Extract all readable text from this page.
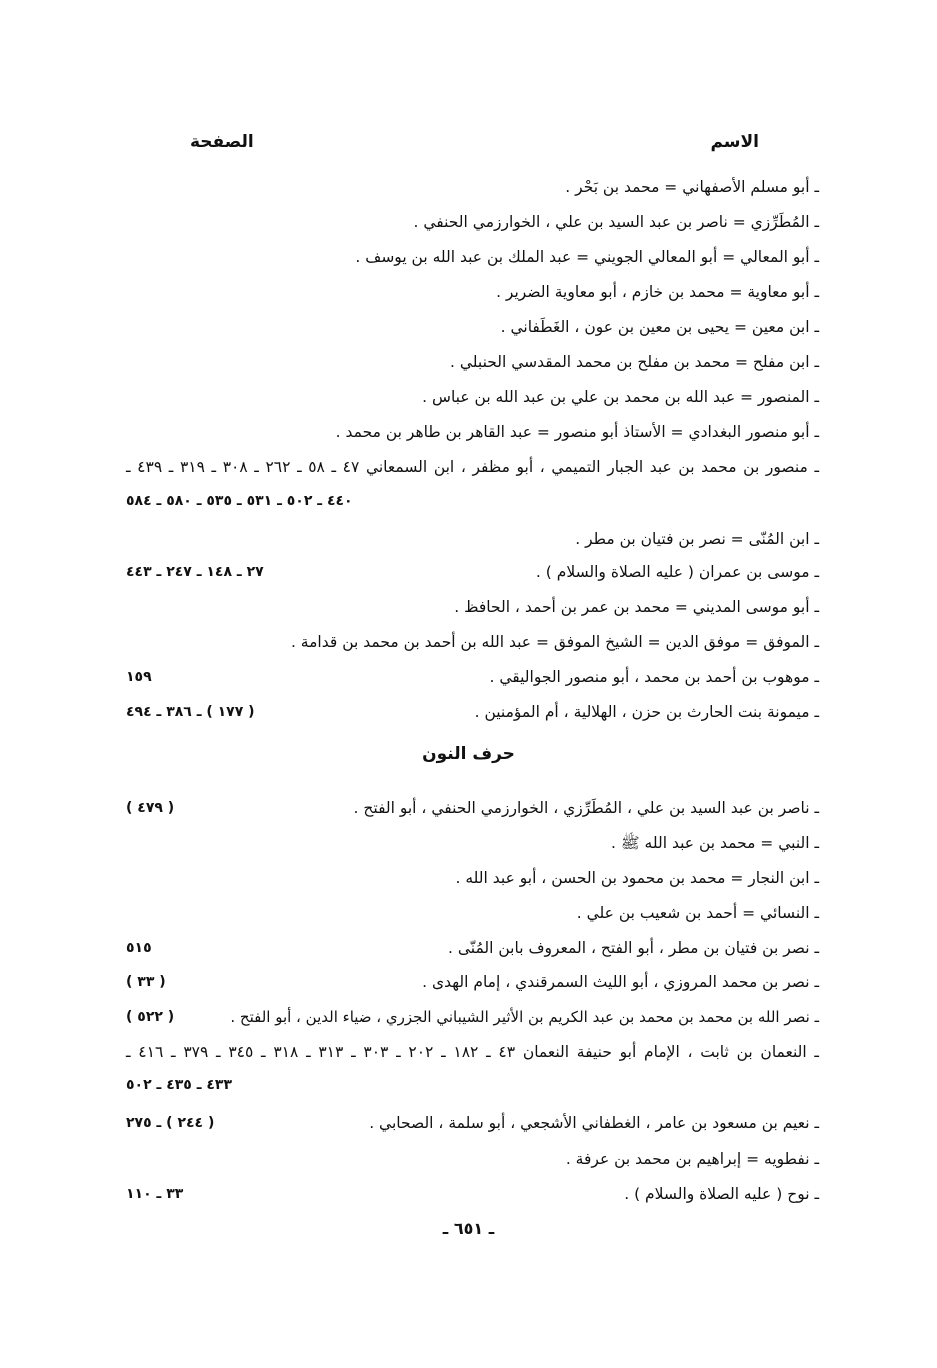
الاسم
الصفحة
ـ أبو مسلم الأصفهاني = محمد بن بَحْر .
ـ المُطَرِّزي = ناصر بن عبد السيد بن علي ، الخوارزمي الحنفي .
ـ أبو المعالي = أبو المعالي الجويني = عبد الملك بن عبد الله بن يوسف .
ـ أبو معاوية = محمد بن خازم ، أبو معاوية الضرير .
ـ ابن معين = يحيى بن معين بن عون ، الغَطَفاني .
ـ ابن مفلح = محمد بن مفلح بن محمد المقدسي الحنبلي .
ـ المنصور = عبد الله بن محمد بن علي بن عبد الله بن عباس .
ـ أبو منصور البغدادي = الأستاذ أبو منصور = عبد القاهر بن طاهر بن محمد .
ـ منصور بن محمد بن عبد الجبار التميمي ، أبو مظفر ، ابن السمعاني ٤٧ ـ ٥٨ ـ ٢٦٢ ـ ٣٠٨ ـ ٣١٩ ـ ٤٣٩ ـ
٤٤٠ ـ ٥٠٢ ـ ٥٣١ ـ ٥٣٥ ـ ٥٨٠ ـ ٥٨٤
ـ ابن المُنّى = نصر بن فتيان بن مطر .
ـ موسى بن عمران ( عليه الصلاة والسلام ) .
٢٧ ـ ١٤٨ ـ ٢٤٧ ـ ٤٤٣
ـ أبو موسى المديني = محمد بن عمر بن أحمد ، الحافظ .
ـ الموفق = موفق الدين = الشيخ الموفق = عبد الله بن أحمد بن محمد بن قدامة .
ـ موهوب بن أحمد بن محمد ، أبو منصور الجواليقي .
١٥٩
ـ ميمونة بنت الحارث بن حزن ، الهلالية ، أم المؤمنين .
( ١٧٧ ) ـ ٣٨٦ ـ ٤٩٤
حرف النون
ـ ناصر بن عبد السيد بن علي ، المُطَرِّزي ، الخوارزمي الحنفي ، أبو الفتح .
( ٤٧٩ )
ـ النبي = محمد بن عبد الله ﷺ .
ـ ابن النجار = محمد بن محمود بن الحسن ، أبو عبد الله .
ـ النسائي = أحمد بن شعيب بن علي .
ـ نصر بن فتيان بن مطر ، أبو الفتح ، المعروف بابن المُنّى .
٥١٥
ـ نصر بن محمد المروزي ، أبو الليث السمرقندي ، إمام الهدى .
( ٣٣ )
ـ نصر الله بن محمد بن محمد بن عبد الكريم بن الأثير الشيباني الجزري ، ضياء الدين ، أبو الفتح .
( ٥٢٢ )
ـ النعمان بن ثابت ، الإمام أبو حنيفة النعمان ٤٣ ـ ١٨٢ ـ ٢٠٢ ـ ٣٠٣ ـ ٣١٣ ـ ٣١٨ ـ ٣٤٥ ـ ٣٧٩ ـ ٤١٦ ـ
٤٣٣ ـ ٤٣٥ ـ ٥٠٢
ـ نعيم بن مسعود بن عامر ، الغطفاني الأشجعي ، أبو سلمة ، الصحابي .
( ٢٤٤ ) ـ ٢٧٥
ـ نفطويه = إبراهيم بن محمد بن عرفة .
ـ نوح ( عليه الصلاة والسلام ) .
٣٣ ـ ١١٠
ـ ٦٥١ ـ
